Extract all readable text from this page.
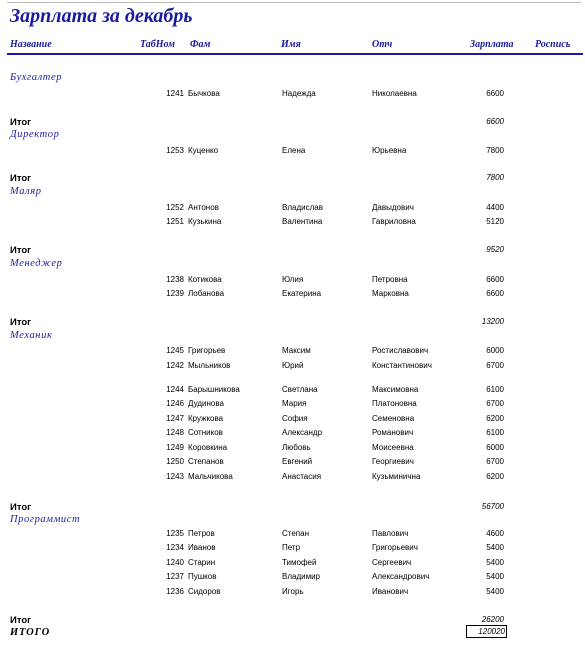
Зарплата за декабрь
Название	ТабНом Фам	Имя	Отч	Зарплата Роспись
Бухгалтер
1241 Бычкова	Надежда	Николаевна	6600
Итог	6600
Директор
1253 Куценко	Елена	Юрьевна	7800
Итог	7800
Маляр
1252 Антонов	Владислав	Давыдович	4400
1251 Кузькина	Валентина	Гавриловна	5120
Итог	9520
Менеджер
1238 Котикова	Юлия	Петровна	6600
1239 Лобанова	Екатерина	Марковна	6600
Итог	13200
Механик
1245 Григорьев	Максим	Ростиславович	6000
1242 Мыльников	Юрий	Константинович	6700
1244 Барышникова	Светлана	Максимовна	6100
1246 Дудинова	Мария	Платоновна	6700
1247 Кружкова	София	Семеновна	6200
1248 Сотников	Александр	Романович	6100
1249 Коровкина	Любовь	Моисеевна	6000
1250 Степанов	Евгений	Георгиевич	6700
1243 Мальчикова	Анастасия	Кузьминична	6200
Итог	56700
Программист
1235 Петров	Степан	Павлович	4600
1234 Иванов	Петр	Григорьевич	5400
1240 Старин	Тимофей	Сергеевич	5400
1237 Пушков	Владимир	Александрович	5400
1236 Сидоров	Игорь	Иванович	5400
Итог	26200
ИТОГО	120020
